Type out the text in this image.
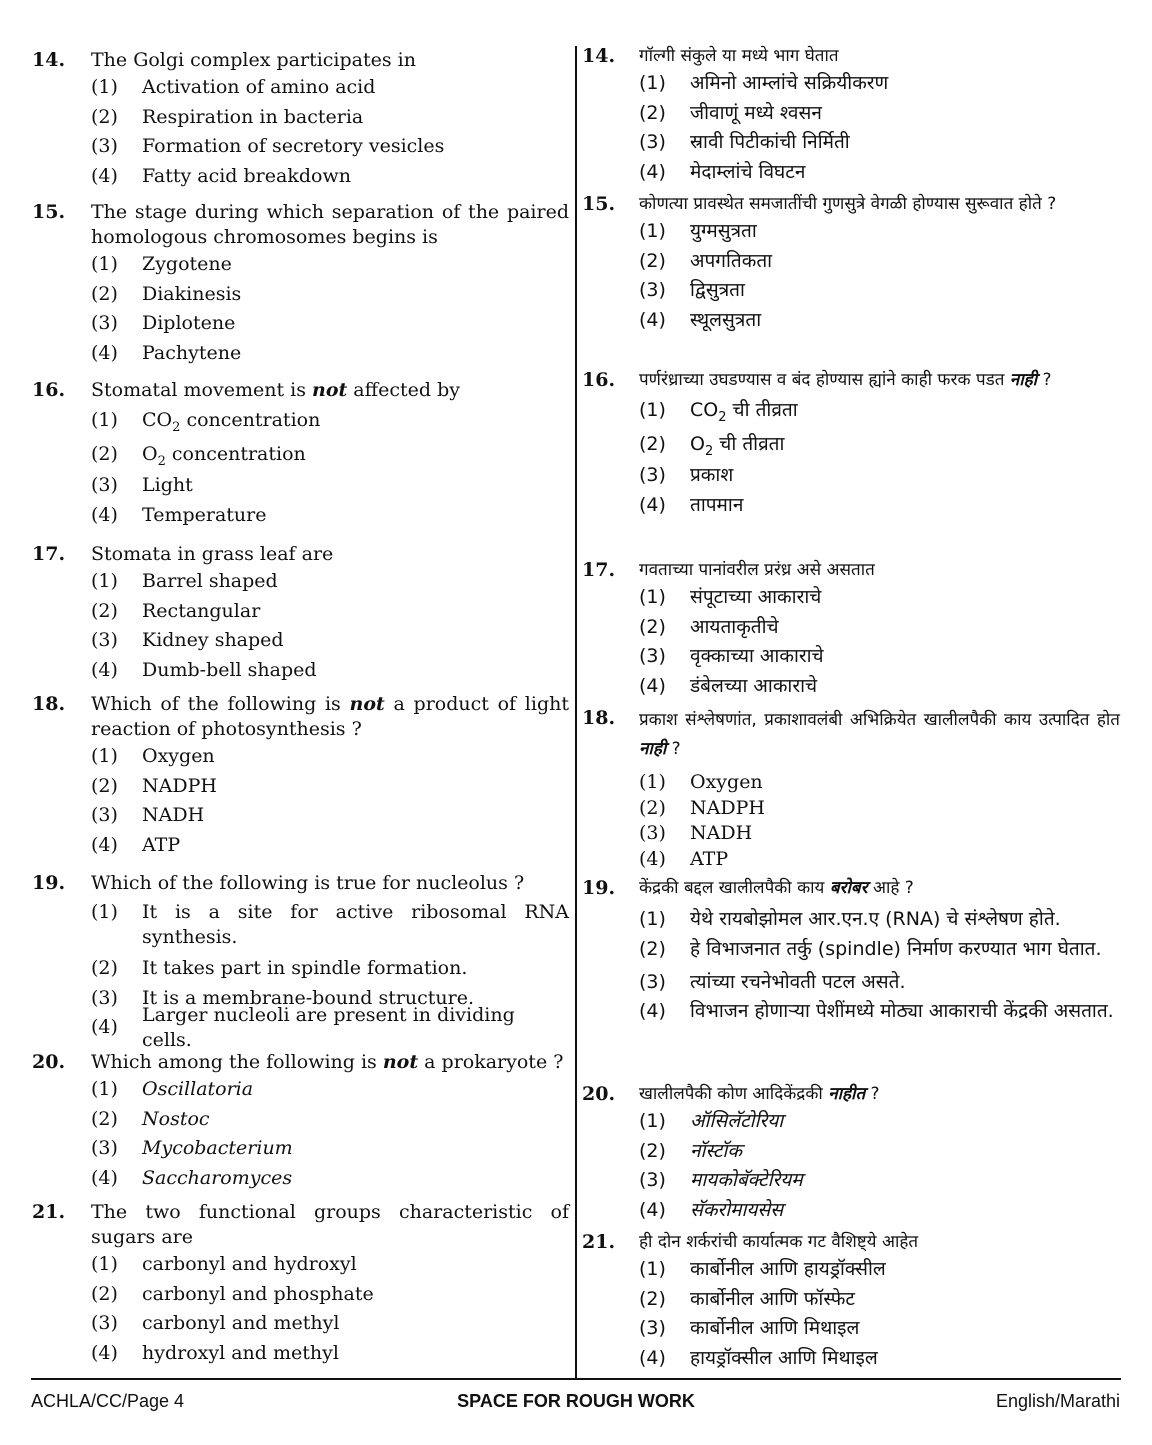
14.	The Golgi complex participates in
(1)	Activation of amino acid
(2)	Respiration in bacteria
(3)	Formation of secretory vesicles
(4)	Fatty acid breakdown
15.	The stage during which separation of the paired homologous chromosomes begins is
(1)	Zygotene
(2)	Diakinesis
(3)	Diplotene
(4)	Pachytene
16.	Stomatal movement is not affected by
(1)	$CO_2$ concentration
(2)	$O_2$ concentration
(3)	Light
(4)	Temperature
17.	Stomata in grass leaf are
(1)	Barrel shaped
(2)	Rectangular
(3)	Kidney shaped
(4)	Dumb-bell shaped
18.	Which of the following is not a product of light reaction of photosynthesis ?
(1)	Oxygen
(2)	NADPH
(3)	NADH
(4)	ATP
19.	Which of the following is true for nucleolus ?
(1)	It is a site for active ribosomal RNA synthesis.
(2)	It takes part in spindle formation.
(3)	It is a membrane-bound structure.
(4)
Larger nucleoli are present in dividing cells.
20.	Which among the following is not a prokaryote ?
(1)	Oscillatoria
(2)	Nostoc
(3)	Mycobacterium
(4)	Saccharomyces
21.	The two functional groups characteristic of sugars are
(1)	carbonyl and hydroxyl
(2)	carbonyl and phosphate
(3)	carbonyl and methyl
(4)	hydroxyl and methyl
14.	गॉल्गी संकुले या मध्ये भाग घेतात
(1)	अमिनो आम्लांचे सक्रियीकरण
(2)	जीवाणूं मध्ये श्वसन
(3)	स्रावी पिटीकांची निर्मिती
(4)	मेदाम्लांचे विघटन
15.	कोणत्या प्रावस्थेत समजातींची गुणसुत्रे वेगळी होण्यास सुरूवात होते ?
(1)	युग्मसुत्रता
(2)	अपगतिकता
(3)	द्विसुत्रता
(4)	स्थूलसुत्रता
16.	पर्णरंध्राच्या उघडण्यास व बंद होण्यास ह्यांने काही फरक पडत नाही ?
(1)	$CO_2$ ची तीव्रता
(2)	$O_2$ ची तीव्रता
(3)	प्रकाश
(4)	तापमान
17.	गवताच्या पानांवरील प्ररंध्र असे असतात
(1)	संपूटाच्या आकाराचे
(2)	आयताकृतीचे
(3)	वृक्काच्या आकाराचे
(4)	डंबेलच्या आकाराचे
18.	प्रकाश संश्लेषणांत, प्रकाशावलंबी अभिक्रियेत खालीलपैकी काय उत्पादित होत नाही ?
(1)	Oxygen
(2)	NADPH
(3)	NADH
(4)	ATP
19.	केंद्रकी बद्दल खालीलपैकी काय बरोबर आहे ?
(1)	येथे रायबोझोमल आर.एन.ए (RNA) चे संश्लेषण होते.
(2)	हे विभाजनात तर्कु (spindle) निर्माण करण्यात भाग घेतात.
(3)	त्यांच्या रचनेभोवती पटल असते.
(4)	विभाजन होणाऱ्या पेशींमध्ये मोठ्या आकाराची केंद्रकी असतात.
20.	खालीलपैकी कोण आदिकेंद्रकी नाहीत ?
(1)	ऑसिलॅटोरिया
(2)	नॉस्टॉक
(3)	मायकोबॅक्टेरियम
(4)	सॅकरोमायसेस
21.	ही दोन शर्करांची कार्यात्मक गट वैशिष्ट्ये आहेत
(1)	कार्बोनील आणि हायड्रॉक्सील
(2)	कार्बोनील आणि फॉस्फेट
(3)	कार्बोनील आणि मिथाइल
(4)	हायड्रॉक्सील आणि मिथाइल
ACHLA/CC/Page 4	SPACE FOR ROUGH WORK	English/Marathi
